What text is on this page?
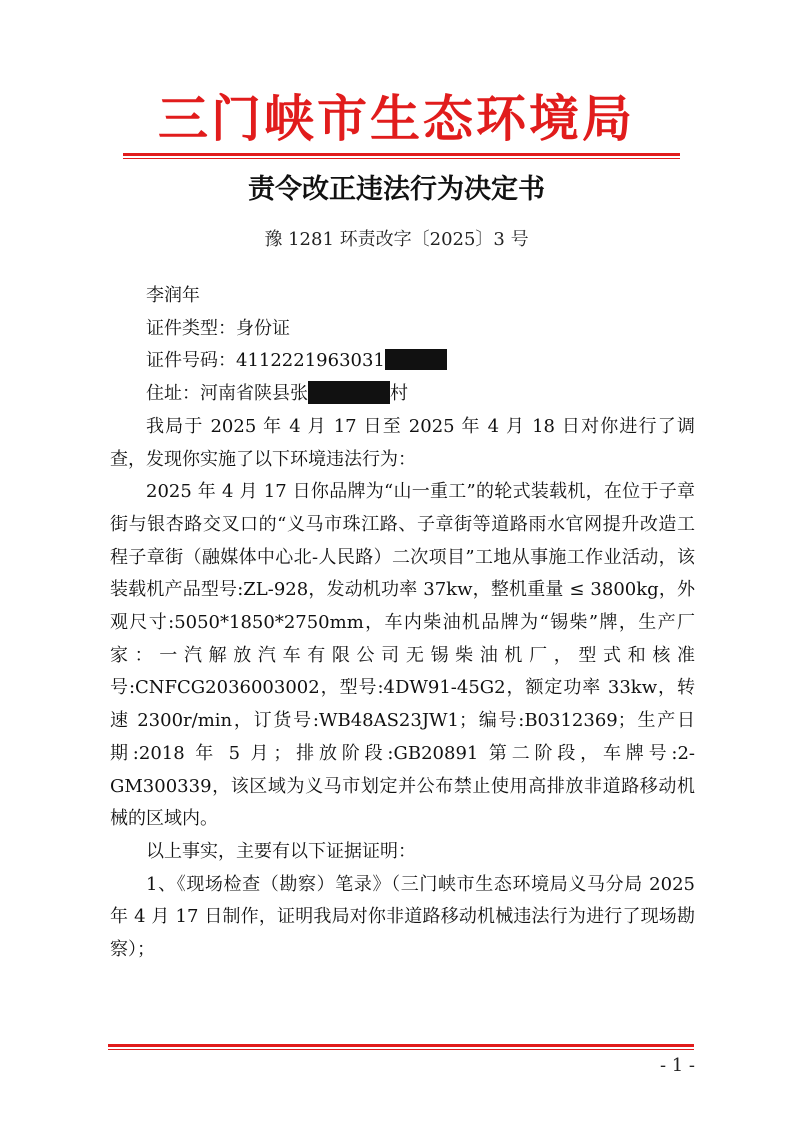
三门峡市生态环境局
责令改正违法行为决定书
豫 1281 环责改字〔2025〕3 号

李润年

证件类型：身份证

证件号码：4112221963031

住址：河南省陕县张	村

我局于 2025 年 4 月 17 日至 2025 年 4 月 18 日对你进行了调查，发现你实施了以下环境违法行为：

2025 年 4 月 17 日你品牌为“山一重工”的轮式装载机，在位于子章街与银杏路交叉口的“义马市珠江路、子章街等道路雨水官网提升改造工程子章街（融媒体中心北-人民路）二次项目”工地从事施工作业活动，该装载机产品型号:ZL-928，发动机功率 37kw，整机重量 ≤ 3800kg，外观尺寸:5050*1850*2750mm，车内柴油机品牌为“锡柴”牌，生产厂家：一汽解放汽车有限公司无锡柴油机厂，型式和核准号:CNFCG2036003002，型号:4DW91-45G2，额定功率 33kw，转速 2300r/min，订货号:WB48AS23JW1；编号:B0312369；生产日期:2018 年 5 月；排放阶段:GB20891 第二阶段，车牌号:2-GM300339，该区域为义马市划定并公布禁止使用高排放非道路移动机械的区域内。

以上事实，主要有以下证据证明：

1、《现场检查（勘察）笔录》（三门峡市生态环境局义马分局 2025 年 4 月 17 日制作，证明我局对你非道路移动机械违法行为进行了现场勘察）；

- 1 -
